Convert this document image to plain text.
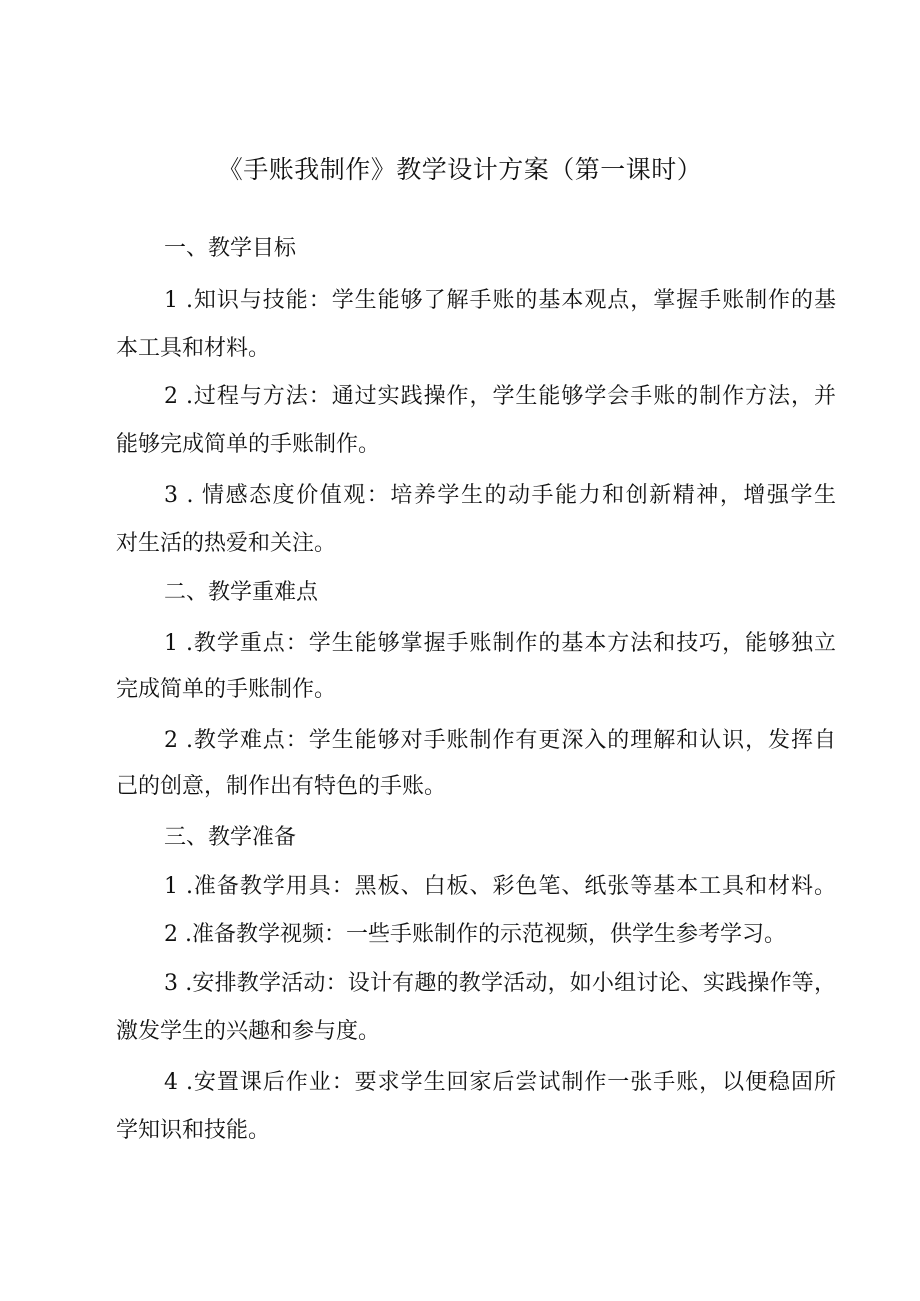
《手账我制作》教学设计方案（第一课时）
一、教学目标
1 .知识与技能：学生能够了解手账的基本观点，掌握手账制作的基
本工具和材料。
2 .过程与方法：通过实践操作，学生能够学会手账的制作方法，并
能够完成简单的手账制作。
3 . 情感态度价值观：培养学生的动手能力和创新精神，增强学生
对生活的热爱和关注。
二、教学重难点
1 .教学重点：学生能够掌握手账制作的基本方法和技巧，能够独立
完成简单的手账制作。
2 .教学难点：学生能够对手账制作有更深入的理解和认识，发挥自
己的创意，制作出有特色的手账。
三、教学准备
1 .准备教学用具：黑板、白板、彩色笔、纸张等基本工具和材料。
2 .准备教学视频：一些手账制作的示范视频，供学生参考学习。
3 .安排教学活动：设计有趣的教学活动，如小组讨论、实践操作等，
激发学生的兴趣和参与度。
4 .安置课后作业：要求学生回家后尝试制作一张手账，以便稳固所
学知识和技能。
